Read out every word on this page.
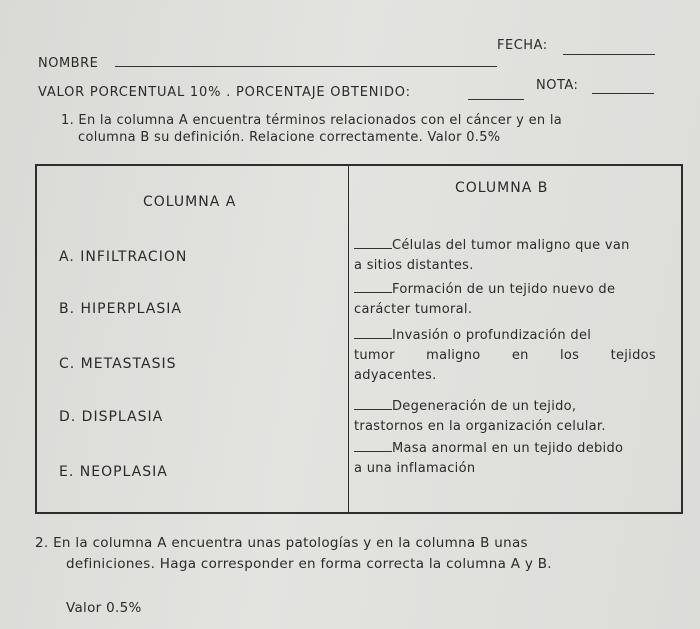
FECHA:
NOMBRE
VALOR PORCENTUAL 10% . PORCENTAJE OBTENIDO:	NOTA:
1. En la columna A encuentra términos relacionados con el cáncer y en la
columna B su definición. Relacione correctamente. Valor 0.5%
COLUMNA A
COLUMNA B
A. INFILTRACION
B. HIPERPLASIA
C. METASTASIS
D. DISPLASIA
E. NEOPLASIA
Células del tumor maligno que van
a sitios distantes.
Formación de un tejido nuevo de
carácter tumoral.
Invasión o profundización del
tumor maligno en los tejidos
adyacentes.
Degeneración de un tejido,
trastornos en la organización celular.
Masa anormal en un tejido debido
a una inflamación
2. En la columna A encuentra unas patologías y en la columna B unas
definiciones. Haga corresponder en forma correcta la columna A y B.
Valor 0.5%
